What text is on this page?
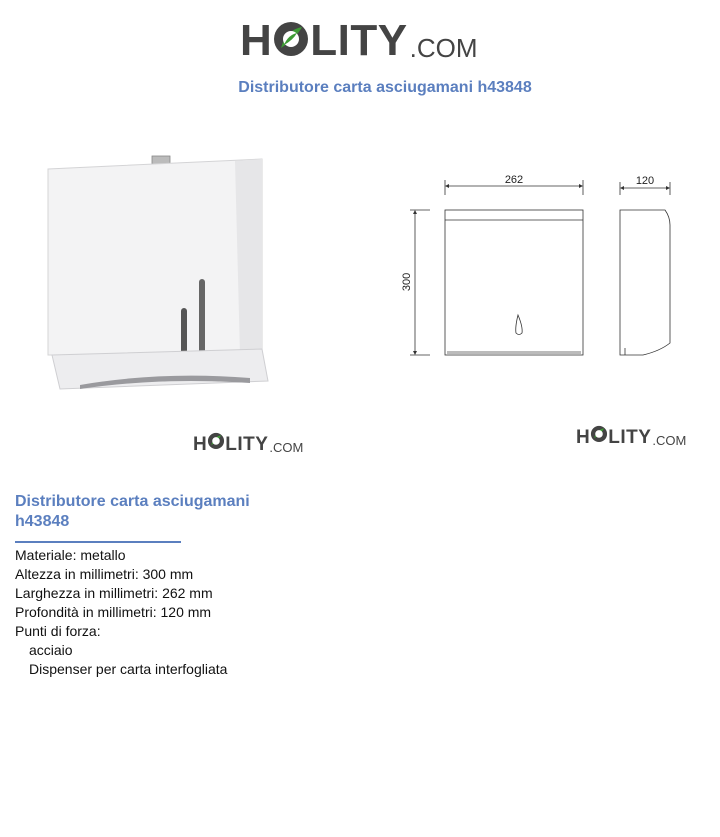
H LITY .COM
Distributore carta asciugamani h43848
262	120
300
H LITY .COM	H LITY .COM
Distributore carta asciugamani h43848
Materiale: metallo
Altezza in millimetri: 300 mm
Larghezza in millimetri: 262 mm
Profondità in millimetri: 120 mm
Punti di forza:
acciaio
Dispenser per carta interfogliata
